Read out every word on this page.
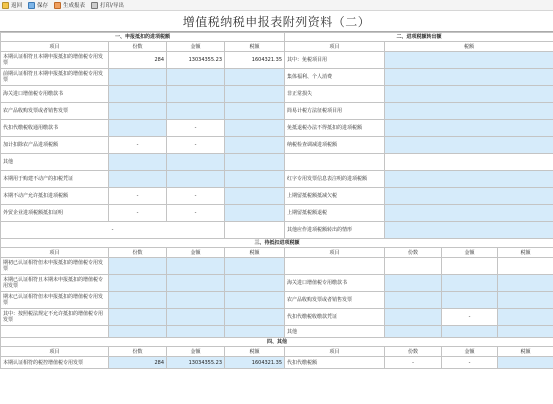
返回	保存	生成报表	打印/导出
增值税纳税申报表附列资料（二）
一、申报抵扣的进项税额				二、进项税额转出额			
项目	份数	金额	税额	项目	税额		
本期认证相符且本期申报抵扣的增值税专用发票	284	13034355.23	1604321.35	其中：免税项目用			
前期认证相符且本期申报抵扣的增值税专用发票				集体福利、个人消费			
海关进口增值税专用缴款书				非正常损失			
农产品收购发票或者销售发票				简易计税方法征税项目用			
代扣代缴税收通用缴款书		-		免抵退税办法不得抵扣的进项税额			
加计扣除农产品进项税额	-	-		纳税检查调减进项税额			
其他							
本期用于购建不动产的扣税凭证				红字专用发票信息表注明的进项税额			
本期不动产允许抵扣进项税额	-	-		上期留抵税额抵减欠税			
外贸企业进项税额抵扣证明	-	-		上期留抵税额退税			
-				其他应作进项税额转出的情形			
三、待抵扣进项税额							
项目	份数	金额	税额	项目	份数	金额	税额
期初已认证相符但未申报抵扣的增值税专用发票							
本期已认证相符且本期未申报抵扣的增值税专用发票				海关进口增值税专用缴款书			
期末已认证相符但未申报抵扣的增值税专用发票				农产品收购发票或者销售发票			
其中：按照税法规定不允许抵扣的增值税专用发票				代扣代缴税收缴款凭证		-	
				其他			
四、其他							
项目	份数	金额	税额	项目	份数	金额	税额
本期认证相符的税控增值税专用发票	284	13034355.23	1604321.35	代扣代缴税额	-	-	
